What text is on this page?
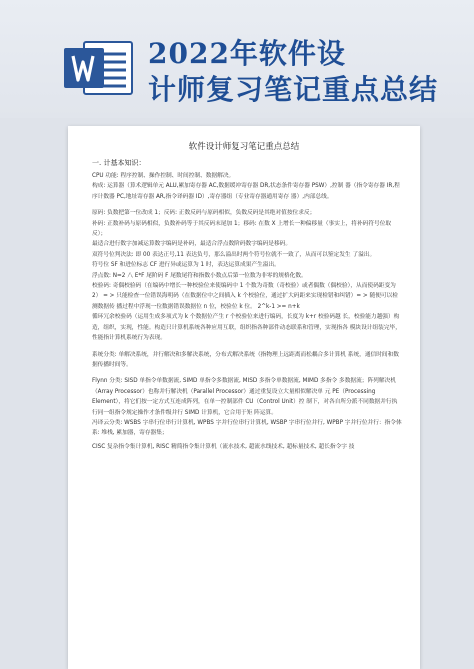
2022年软件设
计师复习笔记重点总结
软件设计师复习笔记重点总结
一. 计基本知识：

CPU 功能: 程序控制、操作控制、时间控制、数据解决。

构成: 运算器（算术逻辑单元 ALU,累加寄存器 AC,数据缓冲寄存器 DR,状态条件寄存器 PSW）,控制 器（指令寄存器 IR,程序计数器 PC,地址寄存器 AR,指令译码器 ID）,寄存器组（专业寄存器通用寄存 器）,内部总线。

原码: 负数把第一位改成 1；反码: 正数反码与原码相似，负数反码是其绝对值按位求反；

补码: 正数补码与原码相似，负数补码等于其反码末尾加 1；移码: 在数 X 上增长一种偏移量（事实上，将补码符号位取反）；

最适合进行数字加减运算数字编码是补码，最适合浮点数阶码数字编码是移码。

双符号位判决法: 即 00 表达正号,11 表达负号，那么溢出时两个符号位就不一致了，从而可以鉴定发生 了溢出。

符号位 SF 和进位标志 CF 进行异或运算为 1 时，表达运算成果产生溢出。

浮点数: N=2 八 E*F 尾阶码 F 尾数尾符和指数小数点后第一位数为非零的规格化数。

校验码: 奇偶校验码（在编码中增长一种校验位来使编码中 1 个数为奇数（奇校验）或者偶数（偶校验），从而使码距变为 2） = > 只能检查一位错误海明码（在数据位中之间插入 k 个校验位，通过扩大码距来实现检错和纠错）= > 随便可以检测数据传 播过程中浮现一位数据错误数据位 n 位，校验位 k 位。 2^k-1 >= n+k

循环冗余校验码（运用生成多项式为 k 个数据位产生 r 个校验位来进行编码，长度为 k+r 校验码越 长，校验能力越强）构造，组织，实现，性能。构造只计算机系统各种应用互联，组织指各种部件动态联系和管理，实现指各 模块设计组装完毕，性能指计算机系统行为表现。

系统分类: 单解决系统，并行解决和多解决系统，分布式解决系统（指物理上远距离而松耦合多计算机 系统，通信时间和数据传播时间等。

Flynn 分类: SISD 单指令单数据流, SIMD 单指令多数据流, MISD 多指令单数据流, MIMD 多指令 多数据流；阵列解决机（Array Processor）也称并行解决机（Parallel Processor）通过重复设立大量相似解决单 元 PE（Processing Element），将它们按一定方式互连成阵列，在单一控制部件 CU（Control Unit）控 制下，对各自所分派不同数据并行执行同一组指令规定操作才条件级并行 SIMD 计算机，它合用于矩 阵运算。

冯译云分类: WSBS 字串行位串行计算机, WPBS 字并行位串行计算机, WSBP 字串行位并行, WPBP 字并行位并行：指令体系: 堆栈, 累加器，寄存器集；

CISC 复杂指令集计算机, RISC 精简指令集计算机（流水技术, 超流水线技术, 超标量技术, 超长指令字 技
